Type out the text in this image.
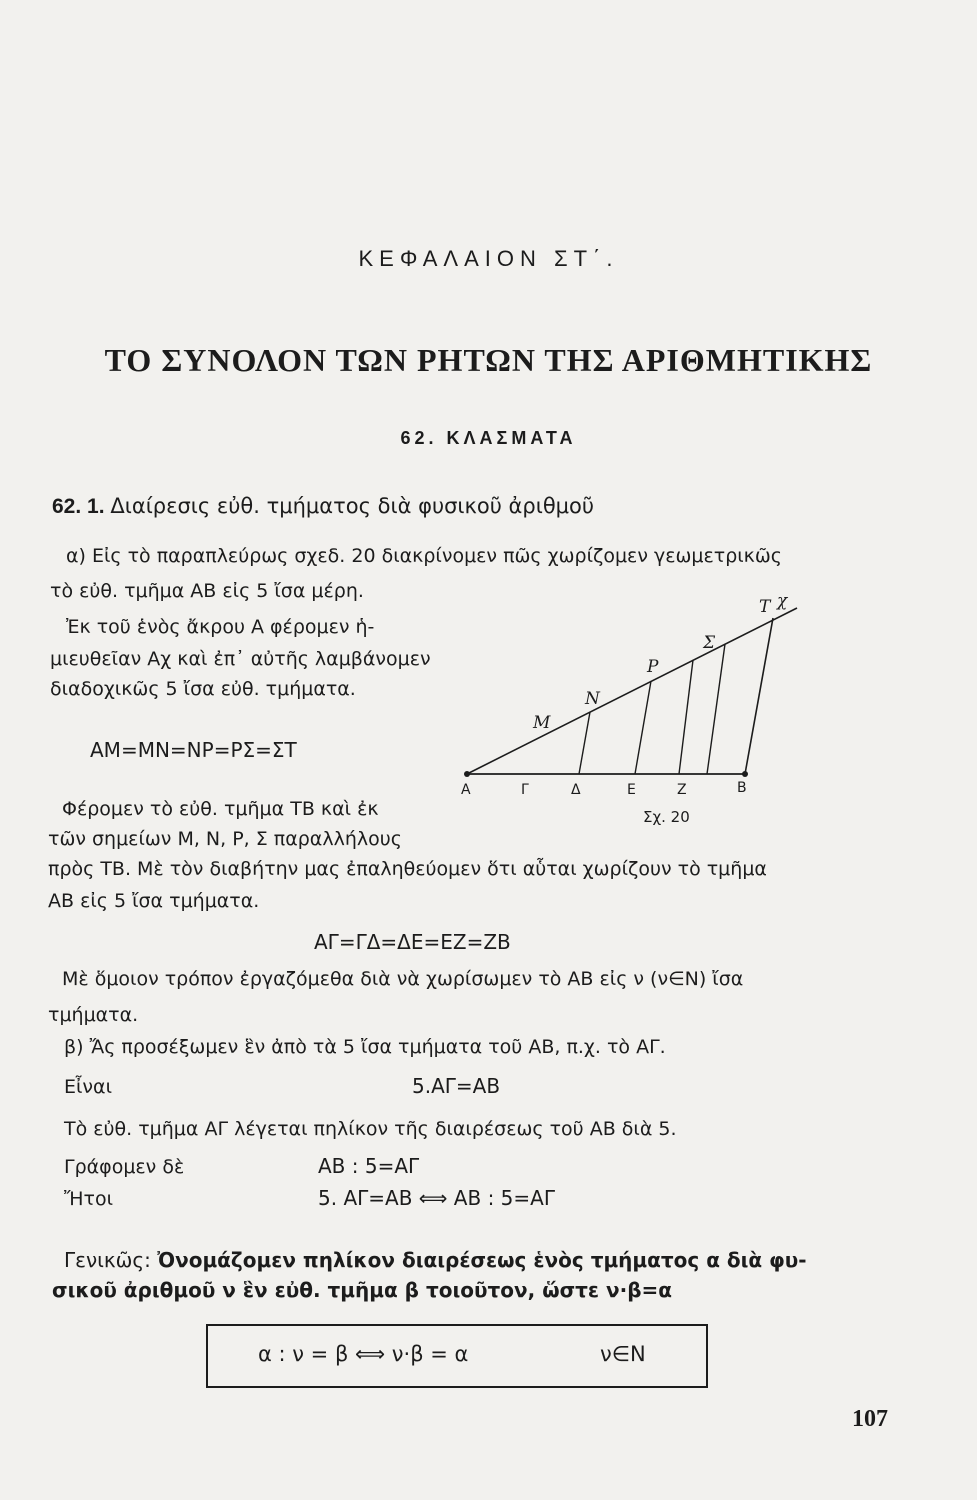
ΚΕΦΑΛΑΙΟΝ ΣΤ΄.
ΤΟ ΣΥΝΟΛΟΝ ΤΩΝ ΡΗΤΩΝ ΤΗΣ ΑΡΙΘΜΗΤΙΚΗΣ
62. ΚΛΑΣΜΑΤΑ
62. 1. Διαίρεσις εὐθ. τμήματος διὰ φυσικοῦ ἀριθμοῦ
α) Εἰς τὸ παραπλεύρως σχεδ. 20 διακρίνομεν πῶς χωρίζομεν γεωμετρικῶς
τὸ εὐθ. τμῆμα ΑΒ εἰς 5 ἴσα μέρη.
Ἐκ τοῦ ἑνὸς ἄκρου Α φέρομεν ἡ-
μιευθεῖαν Αχ καὶ ἐπ᾽ αὐτῆς λαμβάνομεν
διαδοχικῶς 5 ἴσα εὐθ. τμήματα.
ΑΜ=ΜΝ=ΝΡ=ΡΣ=ΣΤ
Φέρομεν τὸ εὐθ. τμῆμα ΤΒ καὶ ἐκ
τῶν σημείων Μ, Ν, Ρ, Σ παραλλήλους
πρὸς ΤΒ. Μὲ τὸν διαβήτην μας ἐπαληθεύομεν ὅτι αὗται χωρίζουν τὸ τμῆμα
ΑΒ εἰς 5 ἴσα τμήματα.
ΑΓ=ΓΔ=ΔΕ=ΕΖ=ΖΒ
Μὲ ὅμοιον τρόπον ἐργαζόμεθα διὰ νὰ χωρίσωμεν τὸ ΑΒ εἰς ν (ν∈Ν) ἴσα
τμήματα.
β) Ἄς προσέξωμεν ἓν ἀπὸ τὰ 5 ἴσα τμήματα τοῦ ΑΒ, π.χ. τὸ ΑΓ.
Εἶναι	5.ΑΓ=ΑΒ
Τὸ εὐθ. τμῆμα ΑΓ λέγεται πηλίκον τῆς διαιρέσεως τοῦ ΑΒ διὰ 5.
Γράφομεν δὲ	ΑΒ : 5=ΑΓ
Ἤτοι	5. ΑΓ=ΑΒ ⟺ ΑΒ : 5=ΑΓ
Γενικῶς: Ὀνομάζομεν πηλίκον διαιρέσεως ἑνὸς τμήματος α διὰ φυ-
σικοῦ ἀριθμοῦ ν ἓν εὐθ. τμῆμα β τοιοῦτον, ὥστε ν·β=α
α : ν = β ⟺ ν·β = α	ν∈Ν
Α	Γ	Δ	Ε	Ζ	Β
Μ
Ν
Ρ
Σ
Τ χ
Σχ. 20
107
